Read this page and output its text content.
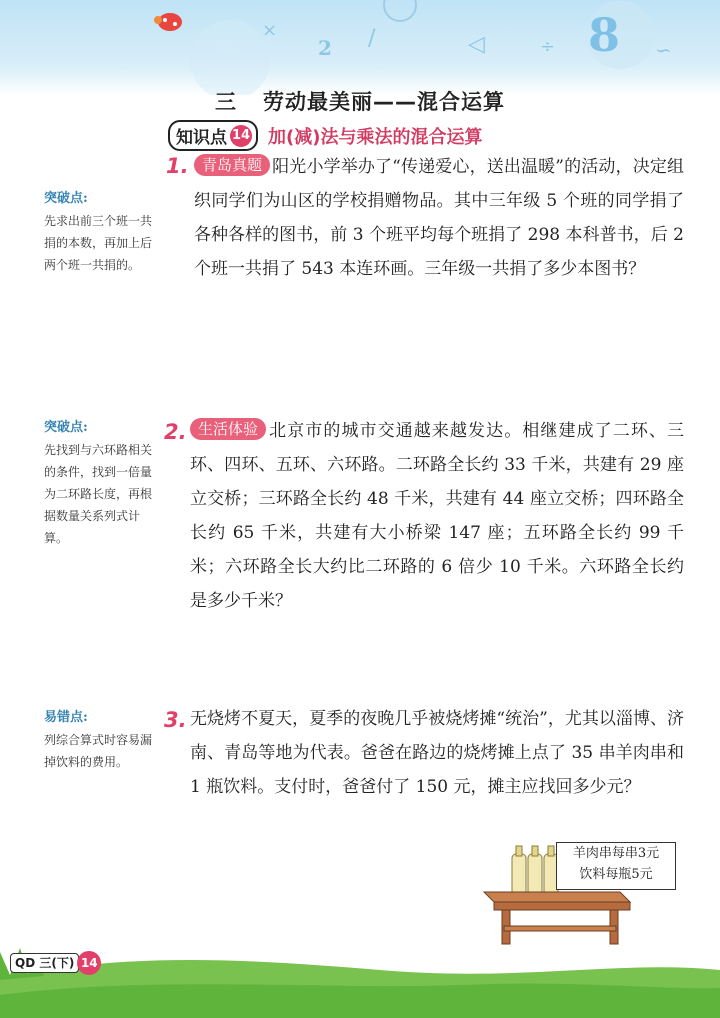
×
2 /	◁	÷ 8 ∽
9
三 劳动最美丽——混合运算
知识点 14 加(减)法与乘法的混合运算
突破点:
先求出前三个班一共捐的本数，再加上后两个班一共捐的。
突破点:
先找到与六环路相关的条件，找到一倍量为二环路长度，再根据数量关系列式计算。
易错点:
列综合算式时容易漏掉饮料的费用。
1. 青岛真题 阳光小学举办了“传递爱心，送出温暖”的活动，决定组织同学们为山区的学校捐赠物品。其中三年级 5 个班的同学捐了各种各样的图书，前 3 个班平均每个班捐了 298 本科普书，后 2 个班一共捐了 543 本连环画。三年级一共捐了多少本图书？
2. 生活体验 北京市的城市交通越来越发达。相继建成了二环、三环、四环、五环、六环路。二环路全长约 33 千米，共建有 29 座立交桥；三环路全长约 48 千米，共建有 44 座立交桥；四环路全长约 65 千米，共建有大小桥梁 147 座；五环路全长约 99 千米；六环路全长大约比二环路的 6 倍少 10 千米。六环路全长约是多少千米？
3. 无烧烤不夏天，夏季的夜晚几乎被烧烤摊“统治”，尤其以淄博、济南、青岛等地为代表。爸爸在路边的烧烤摊上点了 35 串羊肉串和 1 瓶饮料。支付时，爸爸付了 150 元，摊主应找回多少元？
羊肉串每串3元
饮料每瓶5元
QD 三(下) 14
